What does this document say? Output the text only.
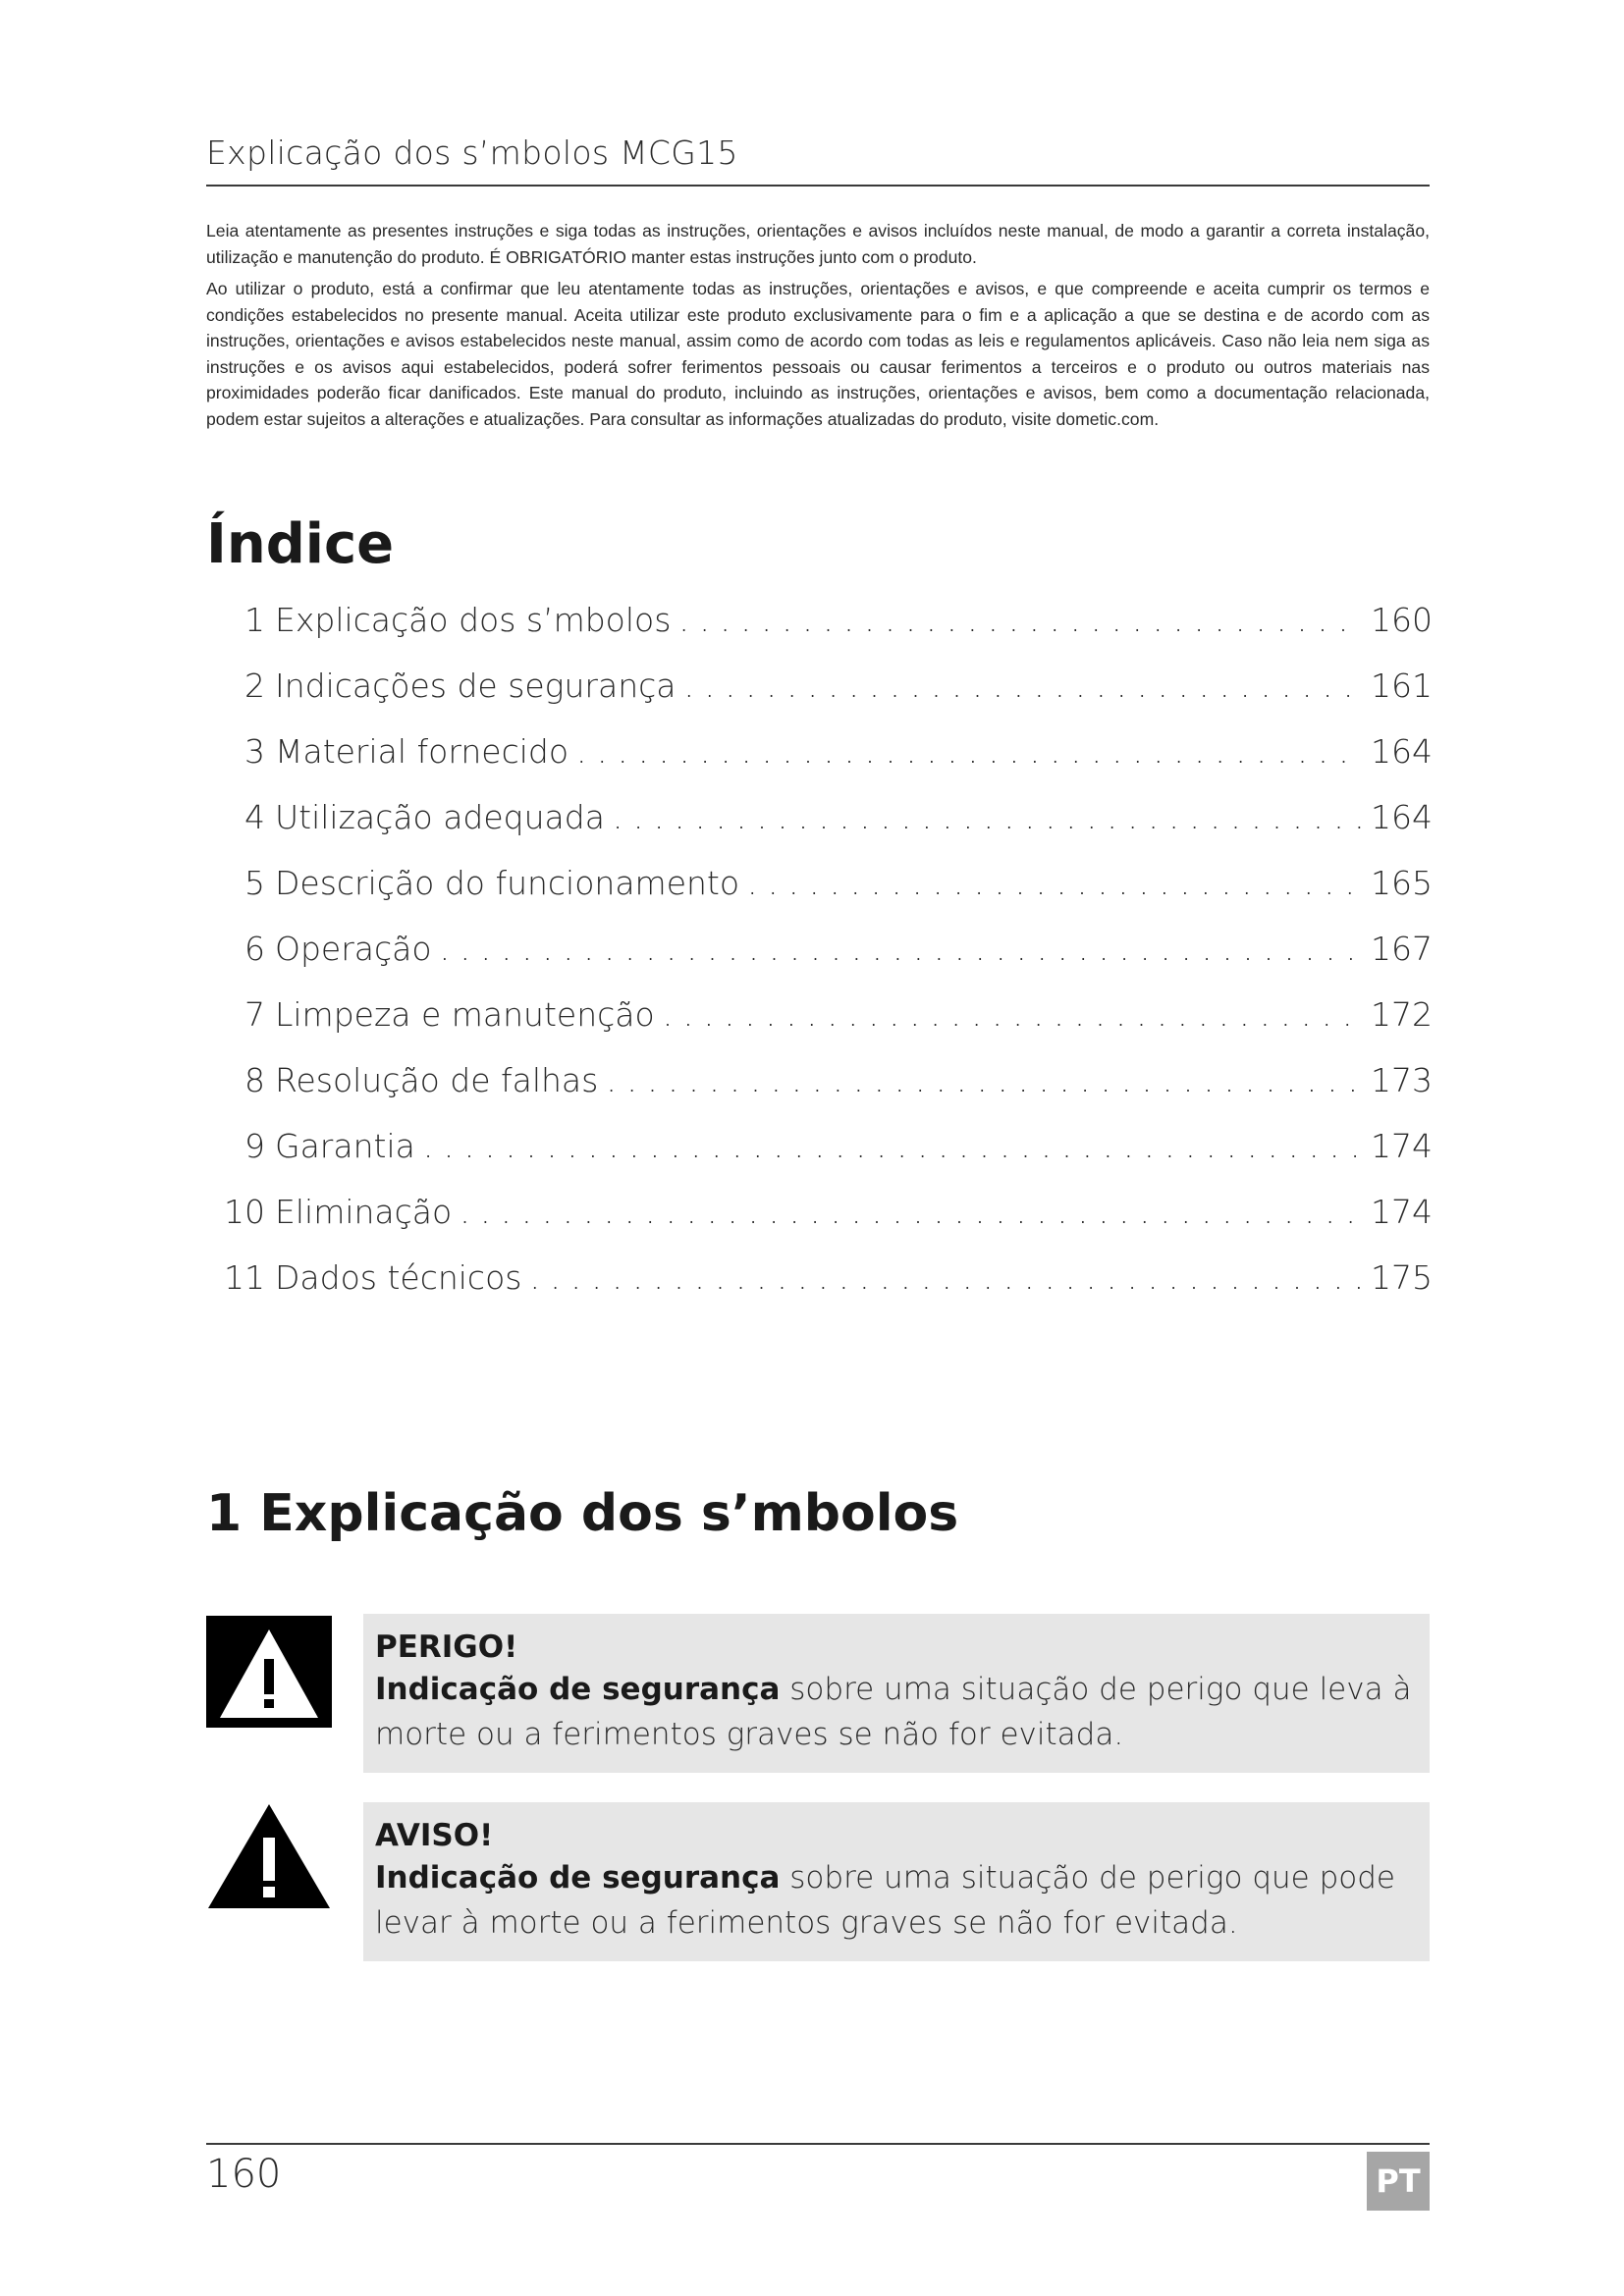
Explicação dos s’mbolos MCG15

Leia atentamente as presentes instruções e siga todas as instruções, orientações e avisos incluídos neste manual, de modo a garantir a correta instalação, utilização e manutenção do produto. É OBRIGATÓRIO manter estas instruções junto com o produto.

Ao utilizar o produto, está a confirmar que leu atentamente todas as instruções, orientações e avisos, e que compreende e aceita cumprir os termos e condições estabelecidos no presente manual. Aceita utilizar este produto exclusivamente para o fim e a aplicação a que se destina e de acordo com as instruções, orientações e avisos estabelecidos neste manual, assim como de acordo com todas as leis e regulamentos aplicáveis. Caso não leia nem siga as instruções e os avisos aqui estabelecidos, poderá sofrer ferimentos pessoais ou causar ferimentos a terceiros e o produto ou outros materiais nas proximidades poderão ficar danificados. Este manual do produto, incluindo as instruções, orientações e avisos, bem como a documentação relacionada, podem estar sujeitos a alterações e atualizações. Para consultar as informações atualizadas do produto, visite dometic.com.

Índice
1 Explicação dos s’mbolos . . .	160
2 Indicações de segurança . . .	161
3 Material fornecido . . .	164
4 Utilização adequada . . .	164
5 Descrição do funcionamento . . .	165
6 Operação . . .	167
7 Limpeza e manutenção . . .	172
8 Resolução de falhas . . .	173
9 Garantia . . .	174
10 Eliminação . . .	174
11 Dados técnicos . . .	175
1 Explicação dos s’mbolos
PERIGO!
Indicação de segurança sobre uma situação de perigo que leva à morte ou a ferimentos graves se não for evitada.
AVISO!
Indicação de segurança sobre uma situação de perigo que pode levar à morte ou a ferimentos graves se não for evitada.
160	PT
